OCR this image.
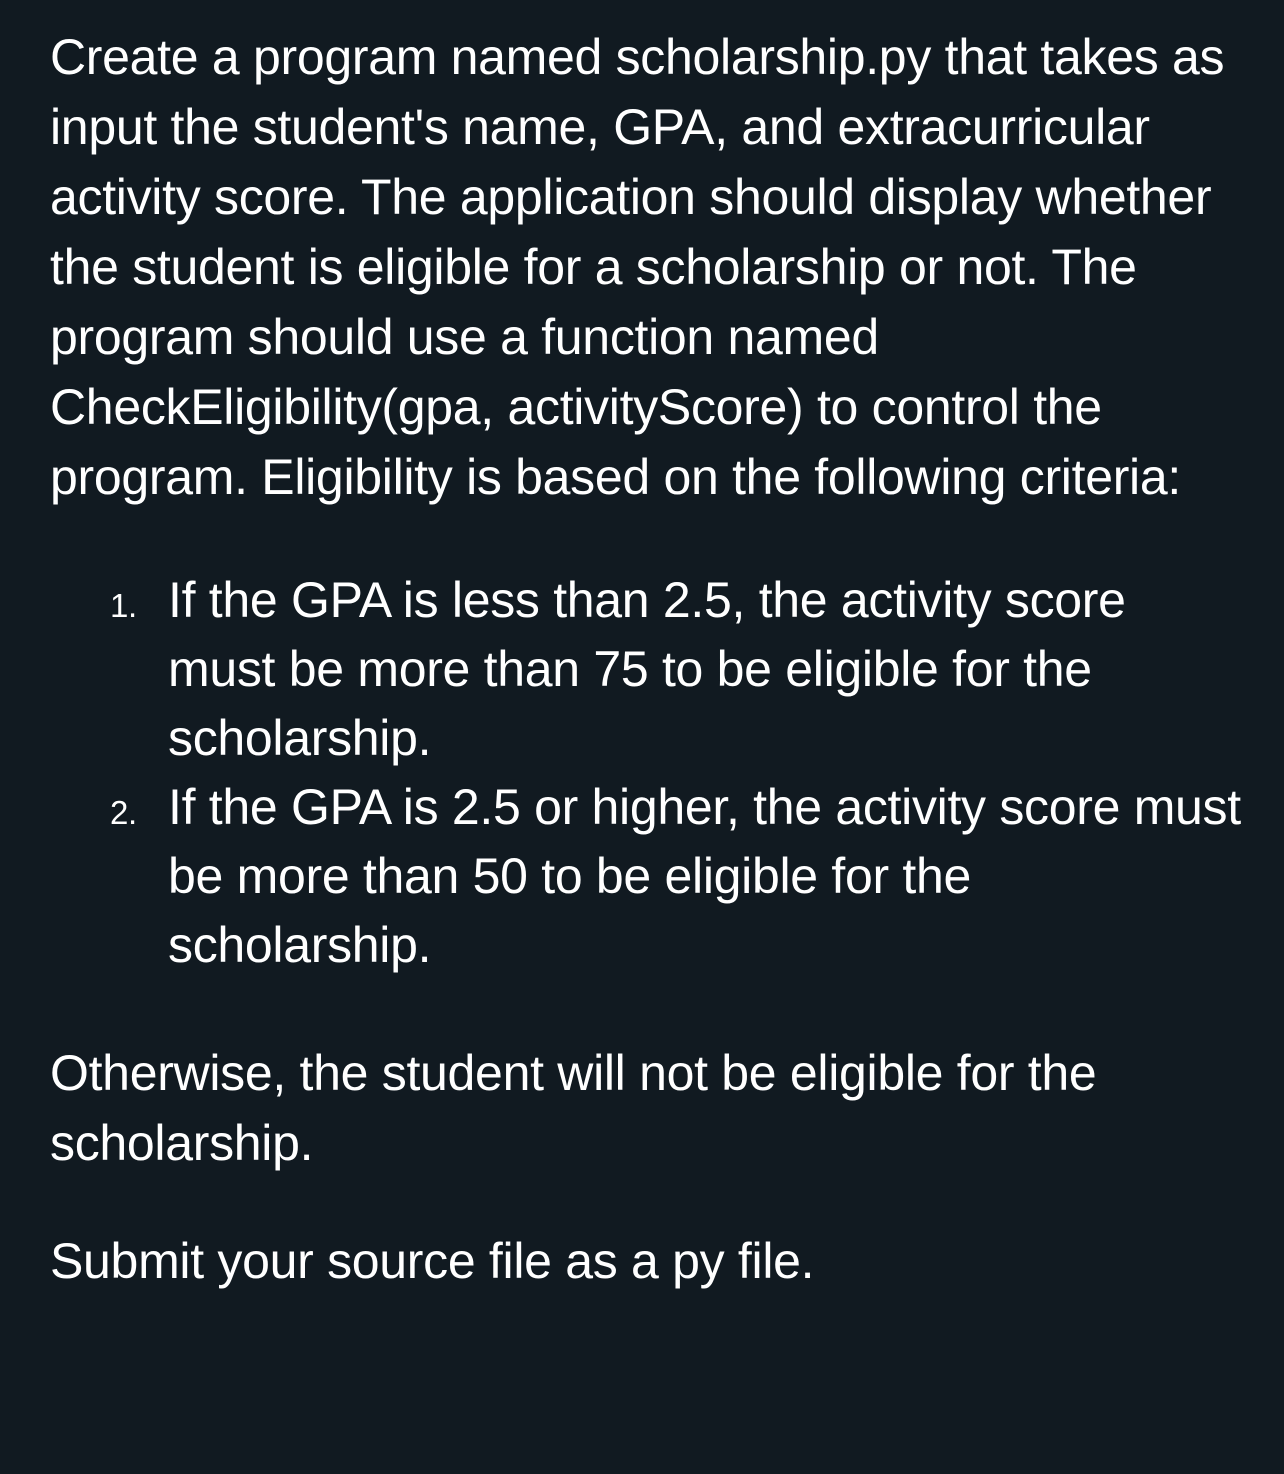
Create a program named scholarship.py that takes as input the student's name, GPA, and extracurricular activity score. The application should display whether the student is eligible for a scholarship or not. The program should use a function named CheckEligibility(gpa, activityScore) to control the program. Eligibility is based on the following criteria:

1. If the GPA is less than 2.5, the activity score must be more than 75 to be eligible for the scholarship.
2. If the GPA is 2.5 or higher, the activity score must be more than 50 to be eligible for the scholarship.

Otherwise, the student will not be eligible for the scholarship.

Submit your source file as a py file.
